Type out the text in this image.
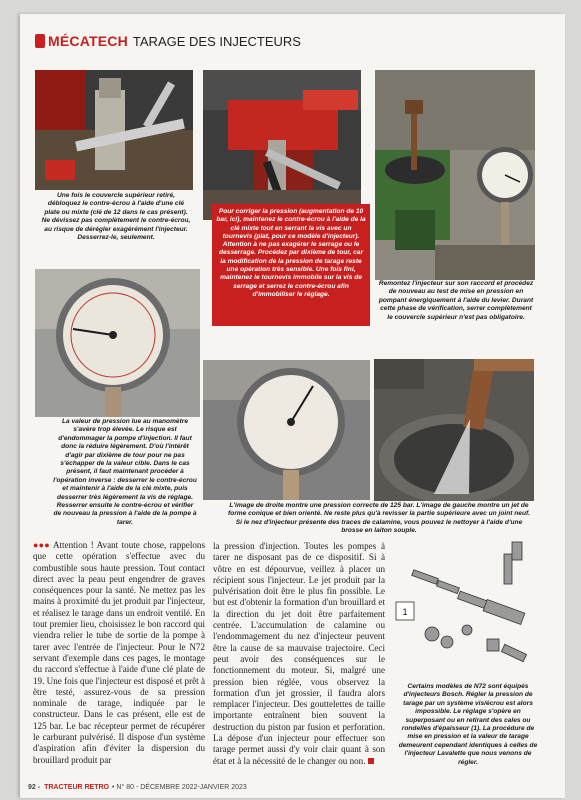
MÉCATECH TARAGE DES INJECTEURS
Pour corriger la pression (augmentation de 10 bar, ici), maintenez le contre-écrou à l'aide de la clé mixte tout en serrant la vis avec un tournevis (plat, pour ce modèle d'injecteur). Attention à ne pas exagérer le serrage ou le desserrage. Procédez par dixième de tour, car la modification de la pression de tarage reste une opération très sensible. Une fois fini, maintenez le tournevis immobile sur la vis de serrage et serrez le contre-écrou afin d'immobiliser le réglage.
Une fois le couvercle supérieur retiré, débloquez le contre-écrou à l'aide d'une clé plate ou mixte (clé de 12 dans le cas présent). Ne dévissez pas complètement le contre-écrou, au risque de dérégler exagérément l'injecteur. Desserrez-le, seulement.
Remontez l'injecteur sur son raccord et procédez de nouveau au test de mise en pression en pompant énergiquement à l'aide du levier. Durant cette phase de vérification, serrer complètement le couvercle supérieur n'est pas obligatoire.
La valeur de pression lue au manomètre s'avère trop élevée. Le risque est d'endommager la pompe d'injection. Il faut donc la réduire légèrement. D'où l'intérêt d'agir par dixième de tour pour ne pas s'échapper de la valeur cible. Dans le cas présent, il faut maintenant procéder à l'opération inverse : desserrer le contre-écrou et maintenir à l'aide de la clé mixte, puis desserrer très légèrement la vis de réglage. Resserrer ensuite le contre-écrou et vérifier de nouveau la pression à l'aide de la pompe à tarer.
L'image de droite montre une pression correcte de 125 bar. L'image de gauche montre un jet de forme conique et bien orienté. Ne reste plus qu'à revisser la partie supérieure avec un joint neuf. Si le nez d'injecteur présente des traces de calamine, vous pouvez le nettoyer à l'aide d'une brosse en laiton souple.

●●● Attention ! Avant toute chose, rappelons que cette opération s'effectue avec du combustible sous haute pression. Tout contact direct avec la peau peut engendrer de graves conséquences pour la santé. Ne mettez pas les mains à proximité du jet produit par l'injecteur, et réalisez le tarage dans un endroit ventilé. En tout premier lieu, choisissez le bon raccord qui viendra relier le tube de sortie de la pompe à tarer avec l'entrée de l'injecteur. Pour le N72 servant d'exemple dans ces pages, le montage du raccord s'effectue à l'aide d'une clé plate de 19. Une fois que l'injecteur est disposé et prêt à être testé, assurez-vous de sa pression nominale de tarage, indiquée par le constructeur. Dans le cas présent, elle est de 125 bar. Le bac récepteur permet de récupérer le carburant pulvérisé. Il dispose d'un système d'aspiration afin d'éviter la dispersion du brouillard produit par

la pression d'injection. Toutes les pompes à tarer ne disposant pas de ce dispositif. Si à vôtre en est dépourvue, veillez à placer un récipient sous l'injecteur. Le jet produit par la pulvérisation doit être le plus fin possible. Le but est d'obtenir la formation d'un brouillard et la direction du jet doit être parfaitement centrée. L'accumulation de calamine ou l'endommagement du nez d'injecteur peuvent être la cause de sa mauvaise trajectoire. Ceci peut avoir des conséquences sur le fonctionnement du moteur. Si, malgré une pression bien réglée, vous observez la formation d'un jet grossier, il faudra alors remplacer l'injecteur. Des gouttelettes de taille importante entraînent bien souvent la destruction du piston par fusion et perforation. La dépose d'un injecteur pour effectuer son tarage permet aussi d'y voir clair quant à son état et à la nécessité de le changer ou non.

1
Certains modèles de N72 sont équipés d'injecteurs Bosch. Régler la pression de tarage par un système vis/écrou est alors impossible. Le réglage s'opère en superposant ou en retirant des cales ou rondelles d'épaisseur (1). La procédure de mise en pression et la valeur de tarage demeurent cependant identiques à celles de l'injecteur Lavalette que nous venons de régler.
92 - TRACTEUR RETRO • N° 80 - DÉCEMBRE 2022-JANVIER 2023
